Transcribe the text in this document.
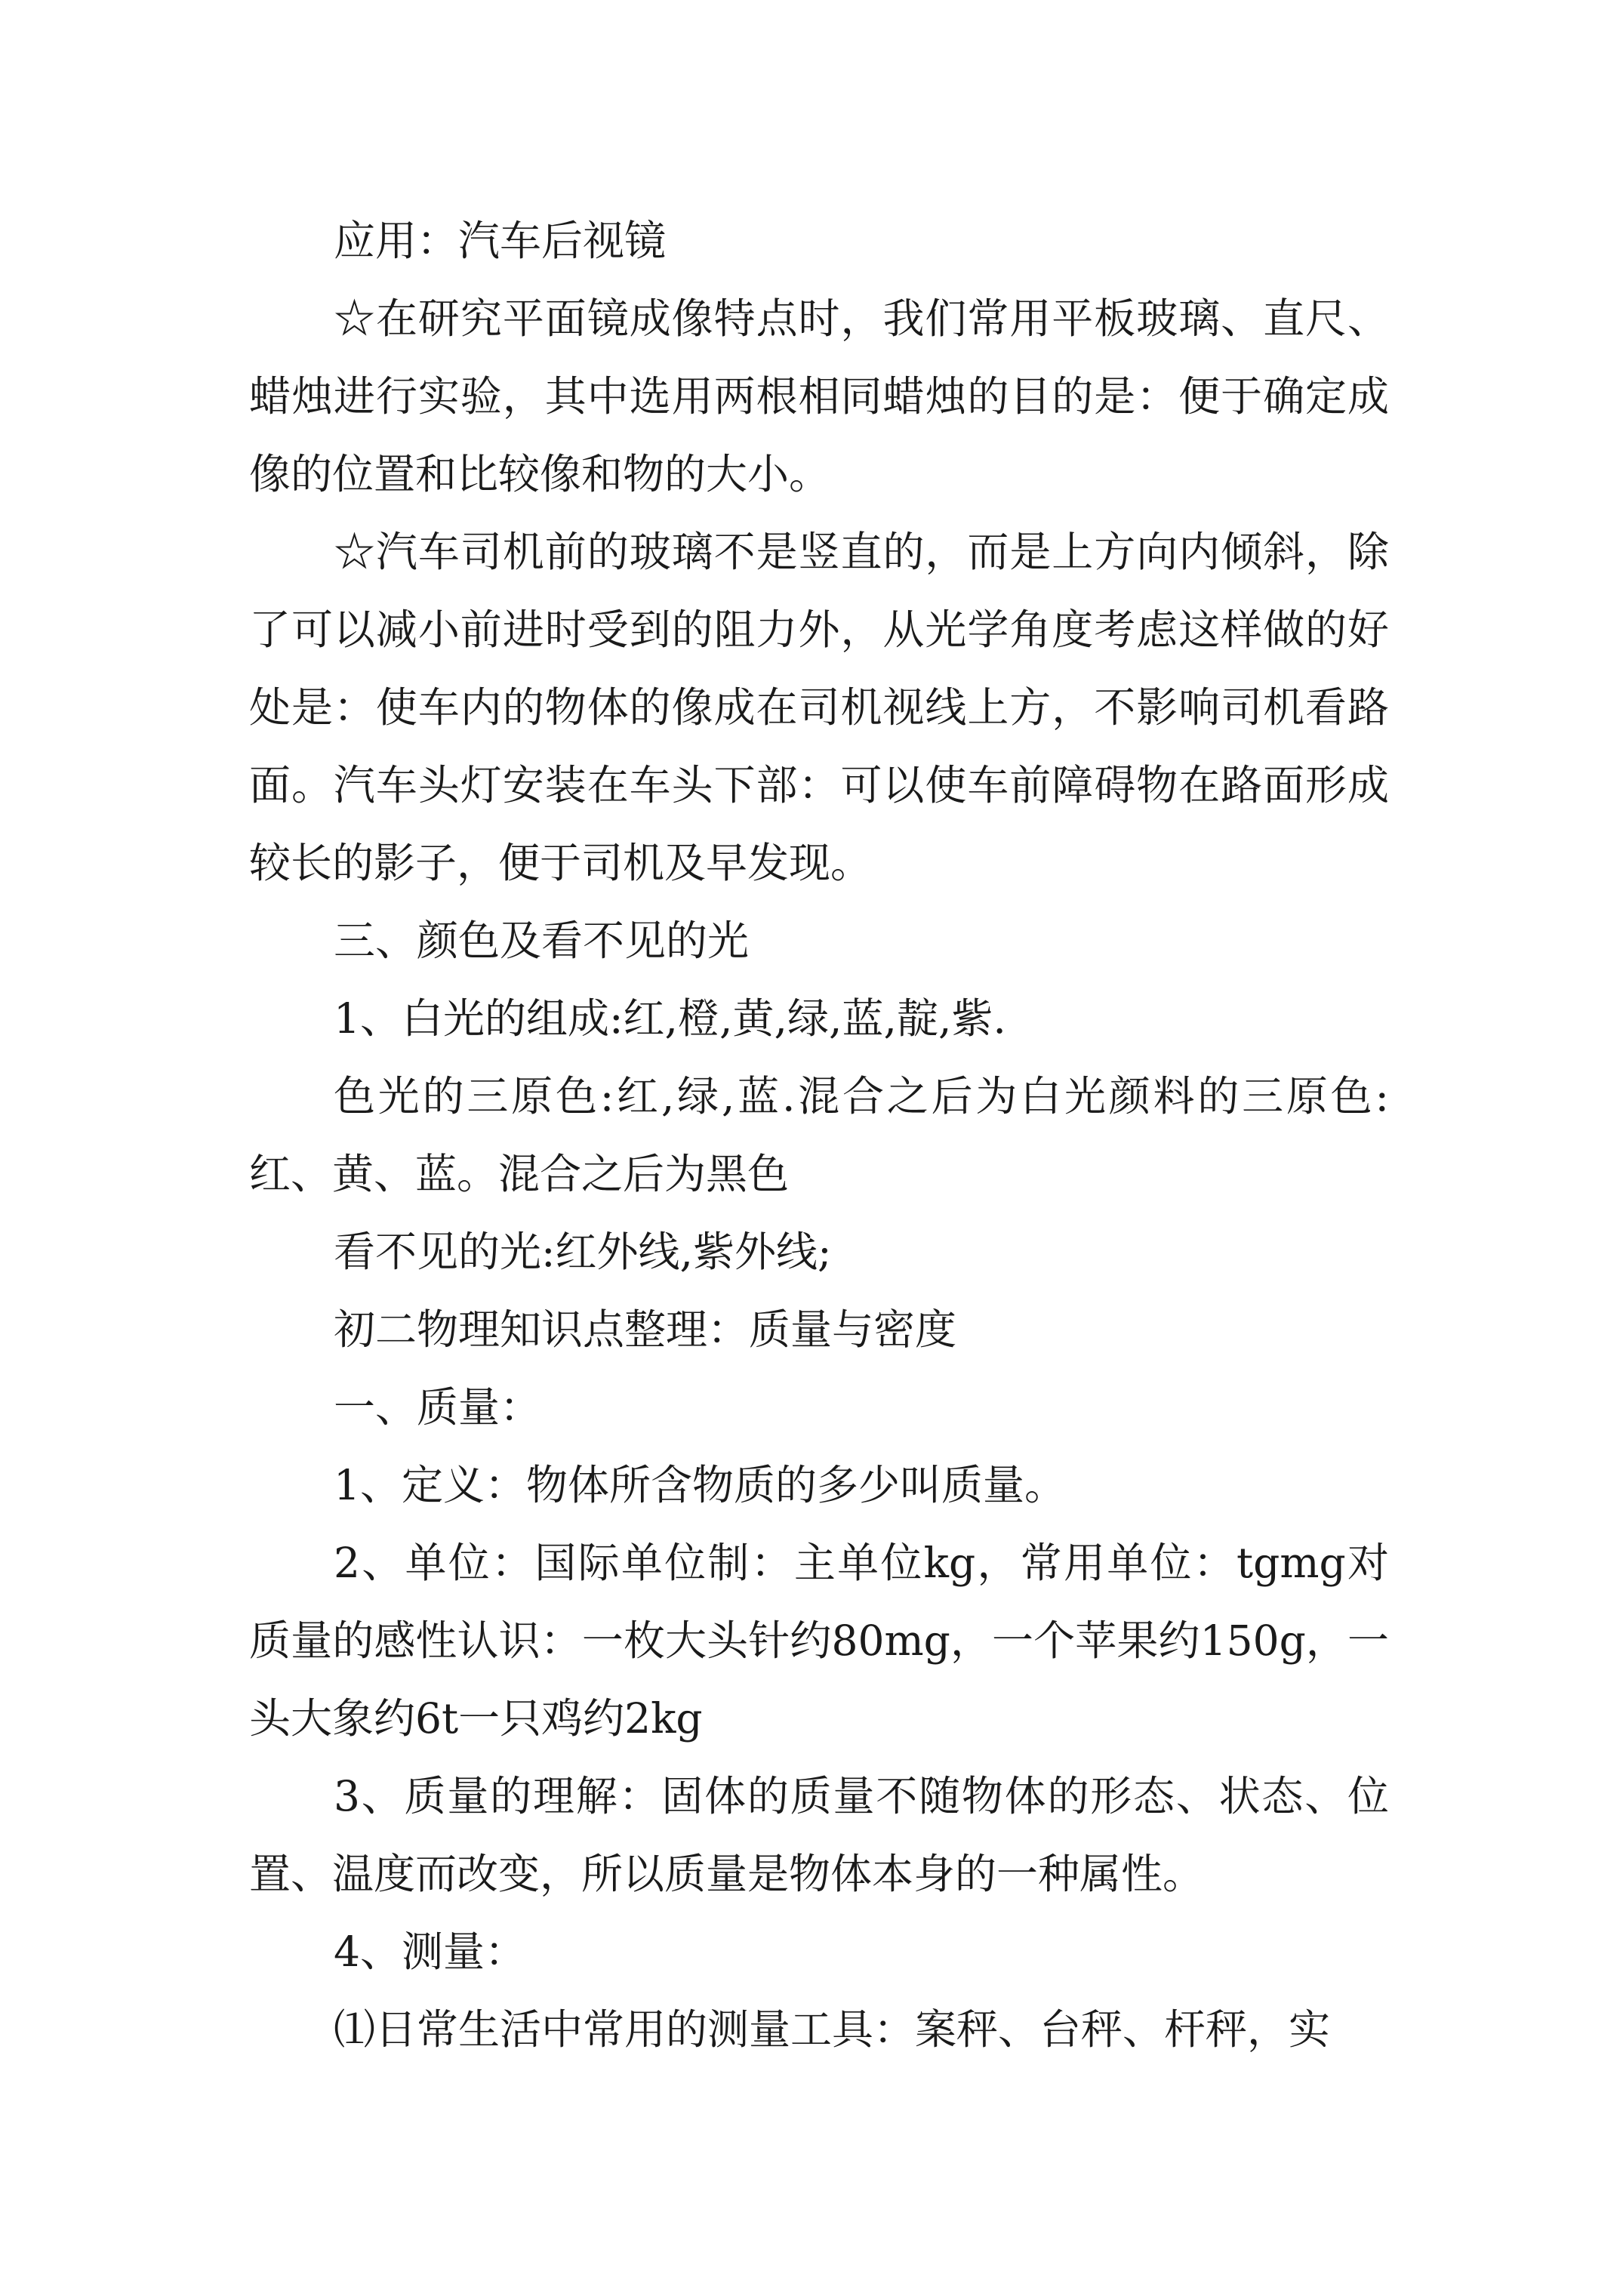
应用：汽车后视镜

☆在研究平面镜成像特点时，我们常用平板玻璃、直尺、蜡烛进行实验，其中选用两根相同蜡烛的目的是：便于确定成像的位置和比较像和物的大小。

☆汽车司机前的玻璃不是竖直的，而是上方向内倾斜，除了可以减小前进时受到的阻力外，从光学角度考虑这样做的好处是：使车内的物体的像成在司机视线上方，不影响司机看路面。汽车头灯安装在车头下部：可以使车前障碍物在路面形成较长的影子，便于司机及早发现。

三、颜色及看不见的光

1、白光的组成:红,橙,黄,绿,蓝,靛,紫.

色光的三原色:红,绿,蓝.混合之后为白光颜料的三原色:红、黄、蓝。混合之后为黑色

看不见的光:红外线,紫外线;

初二物理知识点整理：质量与密度

一、质量：

1、定义：物体所含物质的多少叫质量。

2、单位：国际单位制：主单位kg，常用单位：tgmg对质量的感性认识：一枚大头针约80mg，一个苹果约150g，一头大象约6t一只鸡约2kg

3、质量的理解：固体的质量不随物体的形态、状态、位置、温度而改变，所以质量是物体本身的一种属性。

4、测量：

⑴日常生活中常用的测量工具：案秤、台秤、杆秤，实
